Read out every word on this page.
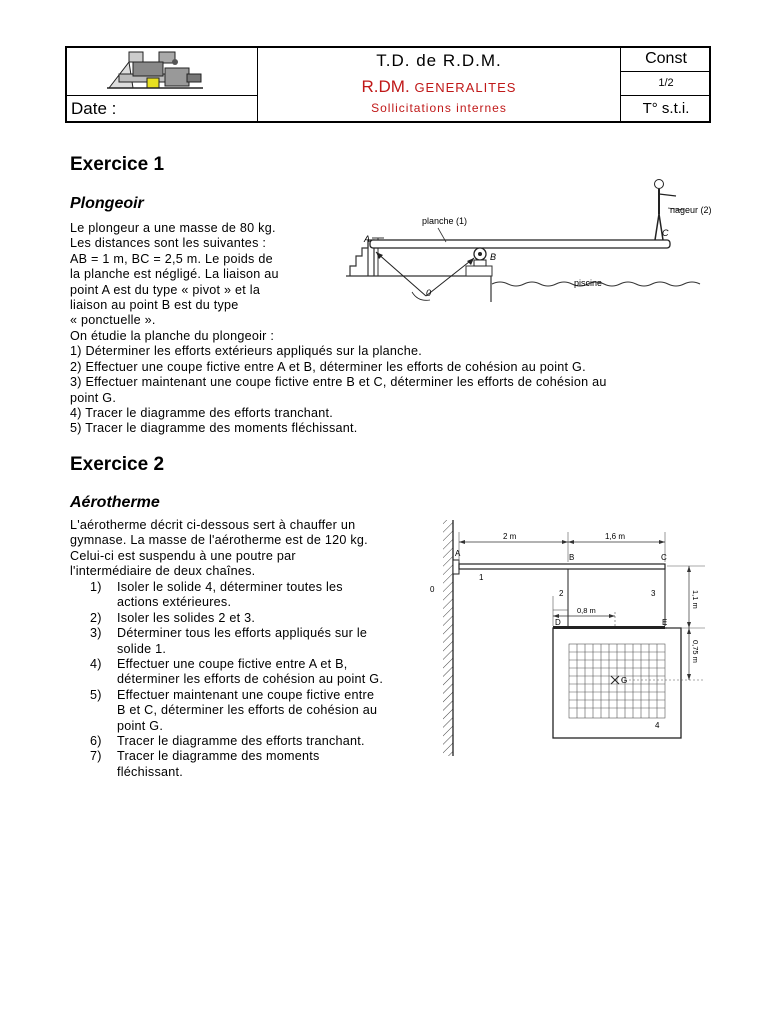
Date :
T.D. de R.D.M.
R.DM. GENERALITES
Sollicitations internes
Const
1/2
T° s.t.i.
Exercice 1
Plongeoir

Le plongeur a une masse de 80 kg.

Les distances sont les suivantes :

AB = 1 m, BC = 2,5 m. Le poids de

la planche est négligé. La liaison au

point A est du type « pivot » et la

liaison au point B est du type

« ponctuelle ».

On étudie la planche du plongeoir :

1) Déterminer les efforts extérieurs appliqués sur la planche.

2) Effectuer une coupe fictive entre A et B, déterminer les efforts de cohésion au point G.

3) Effectuer maintenant une coupe fictive entre B et C, déterminer les efforts de cohésion au

point G.

4) Tracer le diagramme des efforts tranchant.

5) Tracer le diagramme des moments fléchissant.

planche (1)
nageur (2)
piscine
A
B
C
0
Exercice 2
Aérotherme

L'aérotherme décrit ci-dessous sert à chauffer un

gymnase. La masse de l'aérotherme est de 120 kg.

Celui-ci est suspendu à une poutre par

l'intermédiaire de deux chaînes.

1) Isoler le solide 4, déterminer toutes les

actions extérieures.

2) Isoler les solides 2 et 3.

3) Déterminer tous les efforts appliqués sur le

solide 1.

4) Effectuer une coupe fictive entre A et B,

déterminer les efforts de cohésion au point G.

5) Effectuer maintenant une coupe fictive entre

B et C, déterminer les efforts de cohésion au

point G.

6) Tracer le diagramme des efforts tranchant.

7) Tracer le diagramme des moments

fléchissant.

2 m	1,6 m
0,8 m
1,1 m
0,75 m
A	B	C
D	E
G
0
1
2	3
4
